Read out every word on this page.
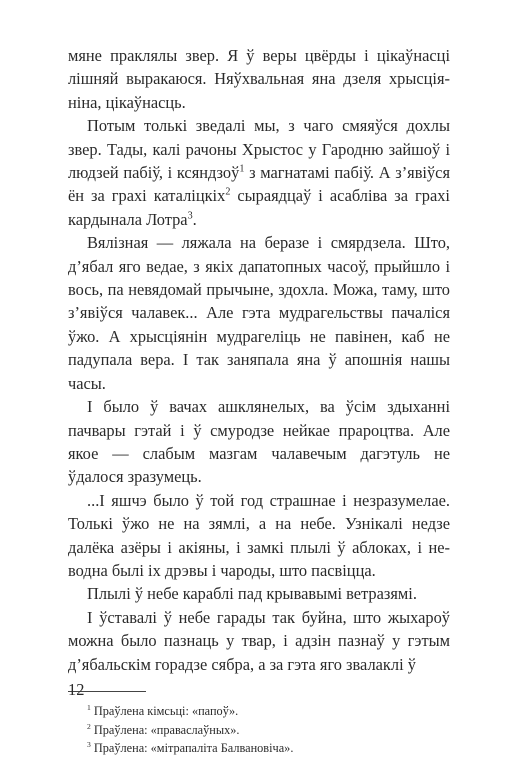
мяне праклялы звер. Я ў веры цвёрды і цікаўнасці лішняй выракаюся. Няўхвальная яна дзеля хрысціяніна, цікаўнасць.

Потым толькі зведалі мы, з чаго смяяўся дохлы звер. Тады, калі рачоны Хрыстос у Гародню зайшоў і людзей пабіў, і ксяндзоў$^1$ з магнатамі пабіў. А з’явіўся ён за грахі каталіцкіх$^2$ сыраядцаў і асабліва за грахі кардынала Лотра$^3$.

Вялізная — ляжала на беразе і смярдзела. Што, д’ябал яго ведае, з якіх дапатопных часоў, прыйшло і вось, па невядомай прычыне, здохла. Можа, таму, што з’явіўся чалавек... Але гэта мудрагельствы пачаліся ўжо. А хрысціянін мудрагеліць не павінен, каб не падупала вера. І так заняпала яна ў апошнія нашы часы.

І было ў вачах ашклянелых, ва ўсім здыханні пачвары гэтай і ў смуродзе нейкае прароцтва. Але якое — слабым мазгам чалавечым дагэтуль не ўдалося зразумець.

...І яшчэ было ў той год страшнае і незразумелае. Толькі ўжо не на зямлі, а на небе. Узнікалі недзе далёка азёры і акіяны, і замкі плылі ў аблоках, і неводна былі іх дрэвы і чароды, што пасвіцца.

Плылі ў небе караблі пад крывавымі ветразямі.

І ўставалі ў небе гарады так буйна, што жыхароў можна было пазнаць у твар, і адзін пазнаў у гэтым д’ябальскім горадзе сябра, а за гэта яго звалаклі ў

$^1$ Праўлена кімсьці: «папоў».

$^2$ Праўлена: «праваслаўных».

$^3$ Праўлена: «мітрапаліта Балвановіча».

12
